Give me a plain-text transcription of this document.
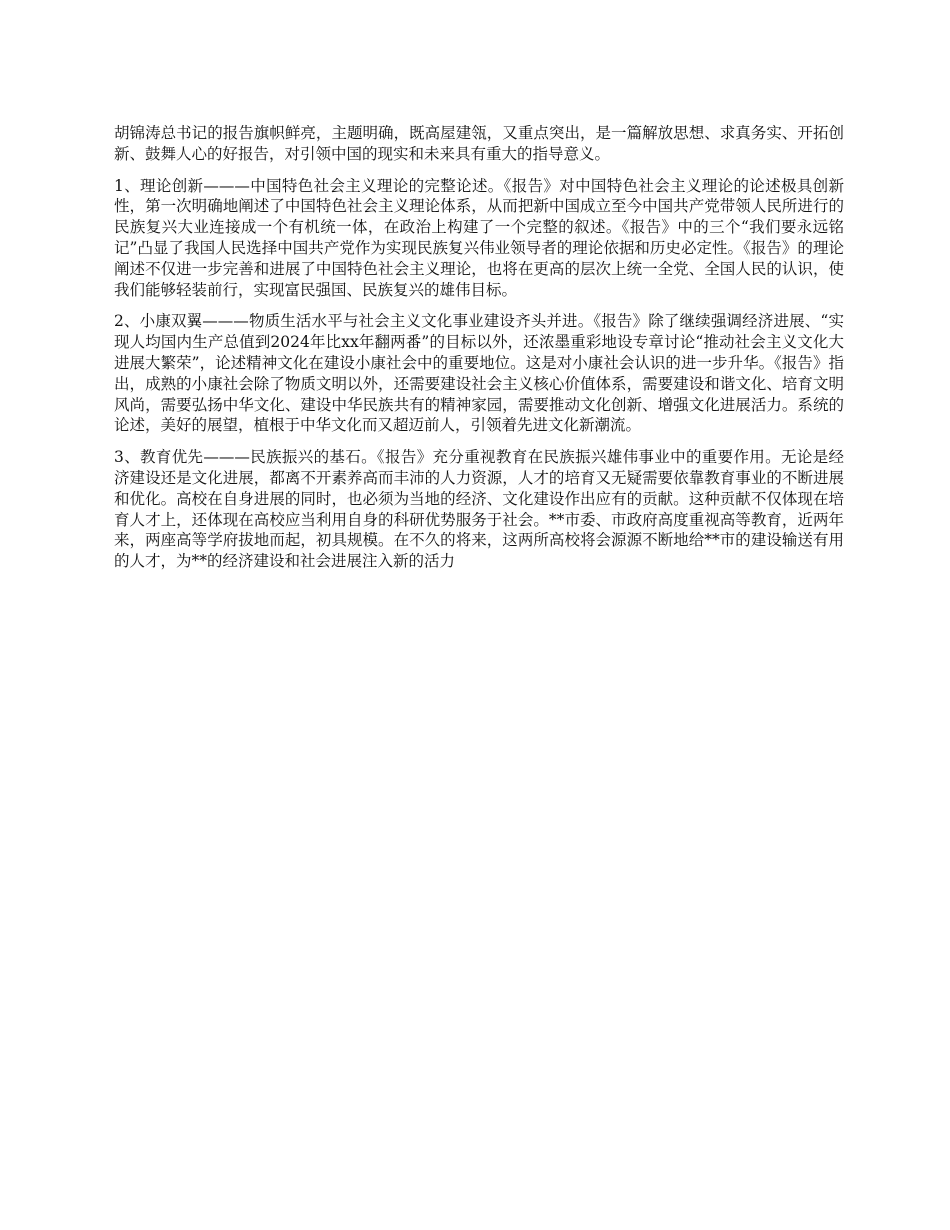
胡锦涛总书记的报告旗帜鲜亮，主题明确，既高屋建瓴，又重点突出，是一篇解放思想、求真务实、开拓创新、鼓舞人心的好报告，对引领中国的现实和未来具有重大的指导意义。

1、理论创新———中国特色社会主义理论的完整论述。《报告》对中国特色社会主义理论的论述极具创新性，第一次明确地阐述了中国特色社会主义理论体系，从而把新中国成立至今中国共产党带领人民所进行的民族复兴大业连接成一个有机统一体，在政治上构建了一个完整的叙述。《报告》中的三个“我们要永远铭记”凸显了我国人民选择中国共产党作为实现民族复兴伟业领导者的理论依据和历史必定性。《报告》的理论阐述不仅进一步完善和进展了中国特色社会主义理论，也将在更高的层次上统一全党、全国人民的认识，使我们能够轻装前行，实现富民强国、民族复兴的雄伟目标。

2、小康双翼———物质生活水平与社会主义文化事业建设齐头并进。《报告》除了继续强调经济进展、“实现人均国内生产总值到2024年比xx年翻两番”的目标以外，还浓墨重彩地设专章讨论“推动社会主义文化大进展大繁荣”，论述精神文化在建设小康社会中的重要地位。这是对小康社会认识的进一步升华。《报告》指出，成熟的小康社会除了物质文明以外，还需要建设社会主义核心价值体系，需要建设和谐文化、培育文明风尚，需要弘扬中华文化、建设中华民族共有的精神家园，需要推动文化创新、增强文化进展活力。系统的论述，美好的展望，植根于中华文化而又超迈前人，引领着先进文化新潮流。

3、教育优先———民族振兴的基石。《报告》充分重视教育在民族振兴雄伟事业中的重要作用。无论是经济建设还是文化进展，都离不开素养高而丰沛的人力资源，人才的培育又无疑需要依靠教育事业的不断进展和优化。高校在自身进展的同时，也必须为当地的经济、文化建设作出应有的贡献。这种贡献不仅体现在培育人才上，还体现在高校应当利用自身的科研优势服务于社会。**市委、市政府高度重视高等教育，近两年来，两座高等学府拔地而起，初具规模。在不久的将来，这两所高校将会源源不断地给**市的建设输送有用的人才，为**的经济建设和社会进展注入新的活力
